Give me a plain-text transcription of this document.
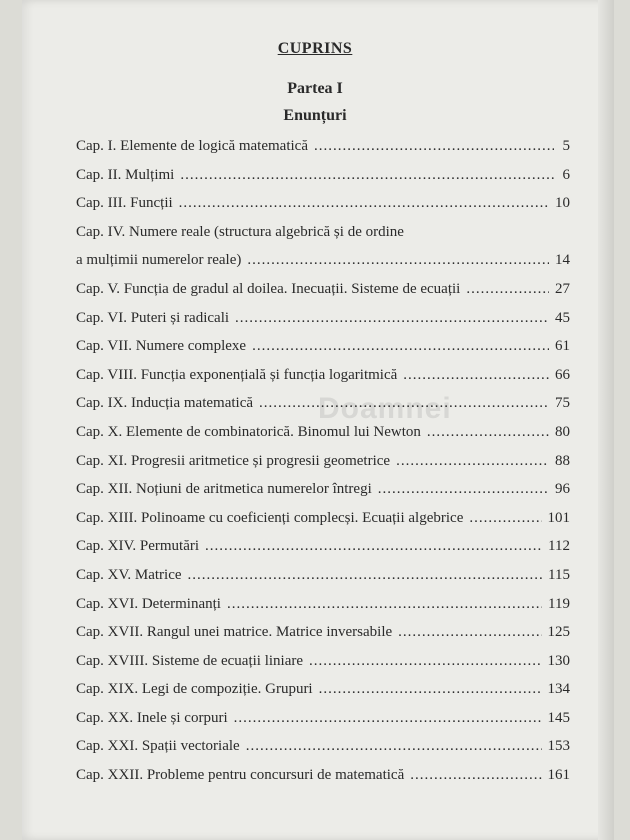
CUPRINS
Partea I
Enunțuri
Doamnei
Cap. I. Elemente de logică matematică .....	5
Cap. II. Mulțimi .....	6
Cap. III. Funcții .....	10
Cap. IV. Numere reale (structura algebrică și de ordine
a mulțimii numerelor reale) .....	14
Cap. V. Funcția de gradul al doilea. Inecuații. Sisteme de ecuații .....	27
Cap. VI. Puteri și radicali .....	45
Cap. VII. Numere complexe .....	61
Cap. VIII. Funcția exponențială și funcția logaritmică .....	66
Cap. IX. Inducția matematică .....	75
Cap. X. Elemente de combinatorică. Binomul lui Newton .....	80
Cap. XI. Progresii aritmetice și progresii geometrice .....	88
Cap. XII. Noțiuni de aritmetica numerelor întregi .....	96
Cap. XIII. Polinoame cu coeficienți complecși. Ecuații algebrice .....	101
Cap. XIV. Permutări .....	112
Cap. XV. Matrice .....	115
Cap. XVI. Determinanți .....	119
Cap. XVII. Rangul unei matrice. Matrice inversabile .....	125
Cap. XVIII. Sisteme de ecuații liniare .....	130
Cap. XIX. Legi de compoziție. Grupuri .....	134
Cap. XX. Inele și corpuri .....	145
Cap. XXI. Spații vectoriale .....	153
Cap. XXII. Probleme pentru concursuri de matematică .....	161
